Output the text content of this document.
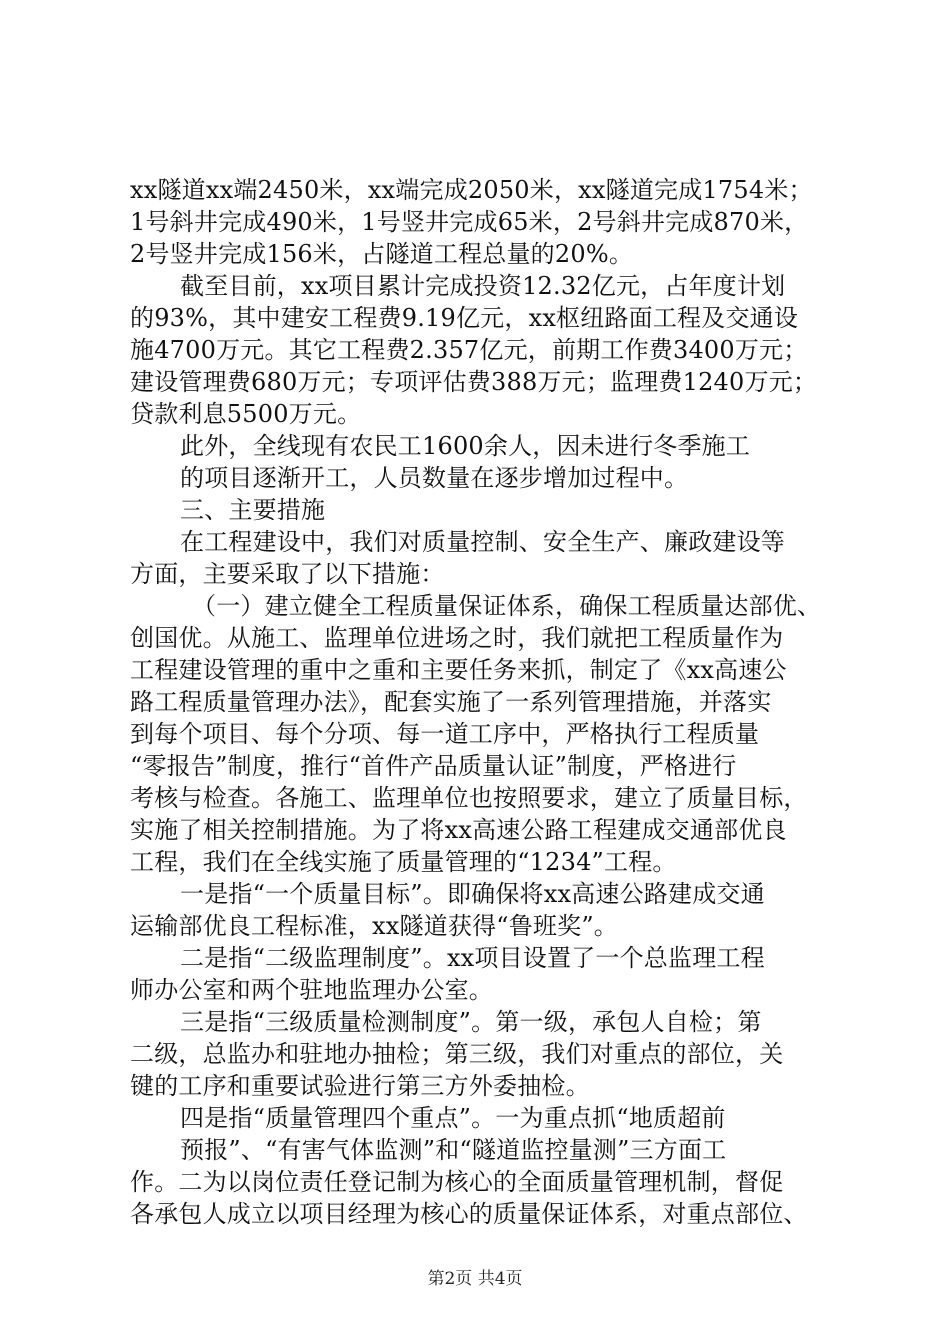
xx隧道xx端2450米，xx端完成2050米，xx隧道完成1754米；
1号斜井完成490米，1号竖井完成65米，2号斜井完成870米，
2号竖井完成156米，占隧道工程总量的20%。
截至目前，xx项目累计完成投资12.32亿元，占年度计划
的93%，其中建安工程费9.19亿元，xx枢纽路面工程及交通设
施4700万元。其它工程费2.357亿元，前期工作费3400万元；
建设管理费680万元；专项评估费388万元；监理费1240万元；
贷款利息5500万元。
此外，全线现有农民工1600余人，因未进行冬季施工
的项目逐渐开工，人员数量在逐步增加过程中。
三、主要措施
在工程建设中，我们对质量控制、安全生产、廉政建设等
方面，主要采取了以下措施：
（一）建立健全工程质量保证体系，确保工程质量达部优、
创国优。从施工、监理单位进场之时，我们就把工程质量作为
工程建设管理的重中之重和主要任务来抓，制定了《xx高速公
路工程质量管理办法》，配套实施了一系列管理措施，并落实
到每个项目、每个分项、每一道工序中，严格执行工程质量
“零报告”制度，推行“首件产品质量认证”制度，严格进行
考核与检查。各施工、监理单位也按照要求，建立了质量目标，
实施了相关控制措施。为了将xx高速公路工程建成交通部优良
工程，我们在全线实施了质量管理的“1234”工程。
一是指“一个质量目标”。即确保将xx高速公路建成交通
运输部优良工程标准，xx隧道获得“鲁班奖”。
二是指“二级监理制度”。xx项目设置了一个总监理工程
师办公室和两个驻地监理办公室。
三是指“三级质量检测制度”。第一级，承包人自检；第
二级，总监办和驻地办抽检；第三级，我们对重点的部位，关
键的工序和重要试验进行第三方外委抽检。
四是指“质量管理四个重点”。一为重点抓“地质超前
预报”、“有害气体监测”和“隧道监控量测”三方面工
作。二为以岗位责任登记制为核心的全面质量管理机制，督促
各承包人成立以项目经理为核心的质量保证体系，对重点部位、
第2页 共4页
